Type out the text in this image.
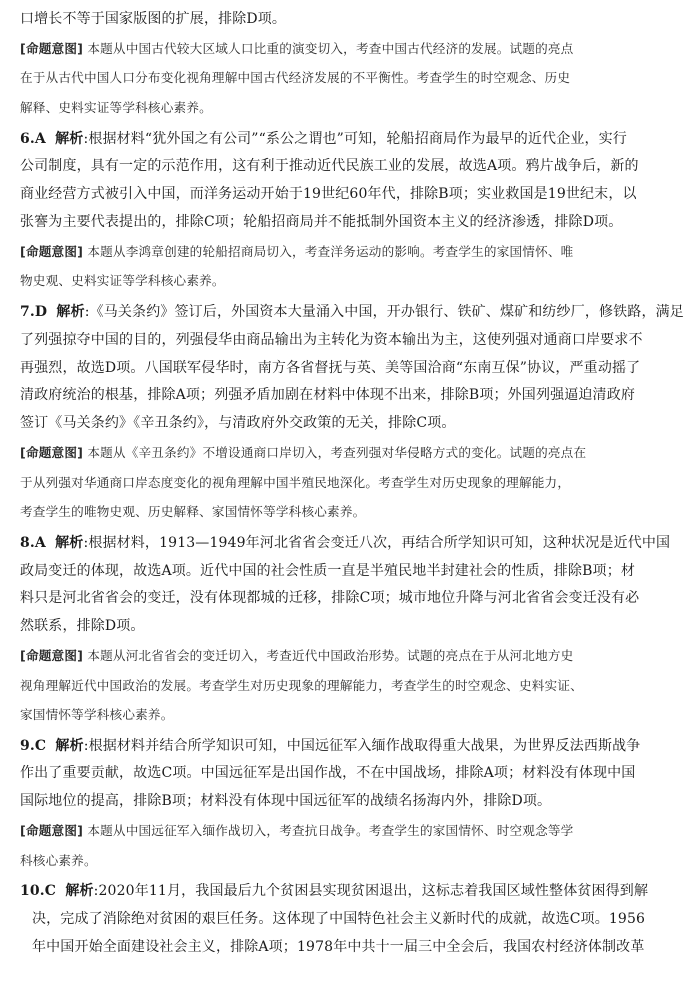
口增长不等于国家版图的扩展，排除D项。
[命题意图] 本题从中国古代较大区域人口比重的演变切入，考查中国古代经济的发展。试题的亮点
在于从古代中国人口分布变化视角理解中国古代经济发展的不平衡性。考查学生的时空观念、历史
解释、史料实证等学科核心素养。
6.A 解析:根据材料“犹外国之有公司”“系公之谓也”可知，轮船招商局作为最早的近代企业，实行
公司制度，具有一定的示范作用，这有利于推动近代民族工业的发展，故选A项。鸦片战争后，新的
商业经营方式被引入中国，而洋务运动开始于19世纪60年代，排除B项；实业救国是19世纪末，以
张謇为主要代表提出的，排除C项；轮船招商局并不能抵制外国资本主义的经济渗透，排除D项。
[命题意图] 本题从李鸿章创建的轮船招商局切入，考查洋务运动的影响。考查学生的家国情怀、唯
物史观、史料实证等学科核心素养。
7.D 解析:《马关条约》签订后，外国资本大量涌入中国，开办银行、铁矿、煤矿和纺纱厂，修铁路，满足
了列强掠夺中国的目的，列强侵华由商品输出为主转化为资本输出为主，这使列强对通商口岸要求不
再强烈，故选D项。八国联军侵华时，南方各省督抚与英、美等国洽商“东南互保”协议，严重动摇了
清政府统治的根基，排除A项；列强矛盾加剧在材料中体现不出来，排除B项；外国列强逼迫清政府
签订《马关条约》《辛丑条约》，与清政府外交政策的无关，排除C项。
[命题意图] 本题从《辛丑条约》不增设通商口岸切入，考查列强对华侵略方式的变化。试题的亮点在
于从列强对华通商口岸态度变化的视角理解中国半殖民地深化。考查学生对历史现象的理解能力，
考查学生的唯物史观、历史解释、家国情怀等学科核心素养。
8.A 解析:根据材料，1913—1949年河北省省会变迁八次，再结合所学知识可知，这种状况是近代中国
政局变迁的体现，故选A项。近代中国的社会性质一直是半殖民地半封建社会的性质，排除B项；材
料只是河北省省会的变迁，没有体现都城的迁移，排除C项；城市地位升降与河北省省会变迁没有必
然联系，排除D项。
[命题意图] 本题从河北省省会的变迁切入，考查近代中国政治形势。试题的亮点在于从河北地方史
视角理解近代中国政治的发展。考查学生对历史现象的理解能力，考查学生的时空观念、史料实证、
家国情怀等学科核心素养。
9.C 解析:根据材料并结合所学知识可知，中国远征军入缅作战取得重大战果，为世界反法西斯战争
作出了重要贡献，故选C项。中国远征军是出国作战，不在中国战场，排除A项；材料没有体现中国
国际地位的提高，排除B项；材料没有体现中国远征军的战绩名扬海内外，排除D项。
[命题意图] 本题从中国远征军入缅作战切入，考查抗日战争。考查学生的家国情怀、时空观念等学
科核心素养。
10.C 解析:2020年11月，我国最后九个贫困县实现贫困退出，这标志着我国区域性整体贫困得到解
决，完成了消除绝对贫困的艰巨任务。这体现了中国特色社会主义新时代的成就，故选C项。1956
年中国开始全面建设社会主义，排除A项；1978年中共十一届三中全会后，我国农村经济体制改革
